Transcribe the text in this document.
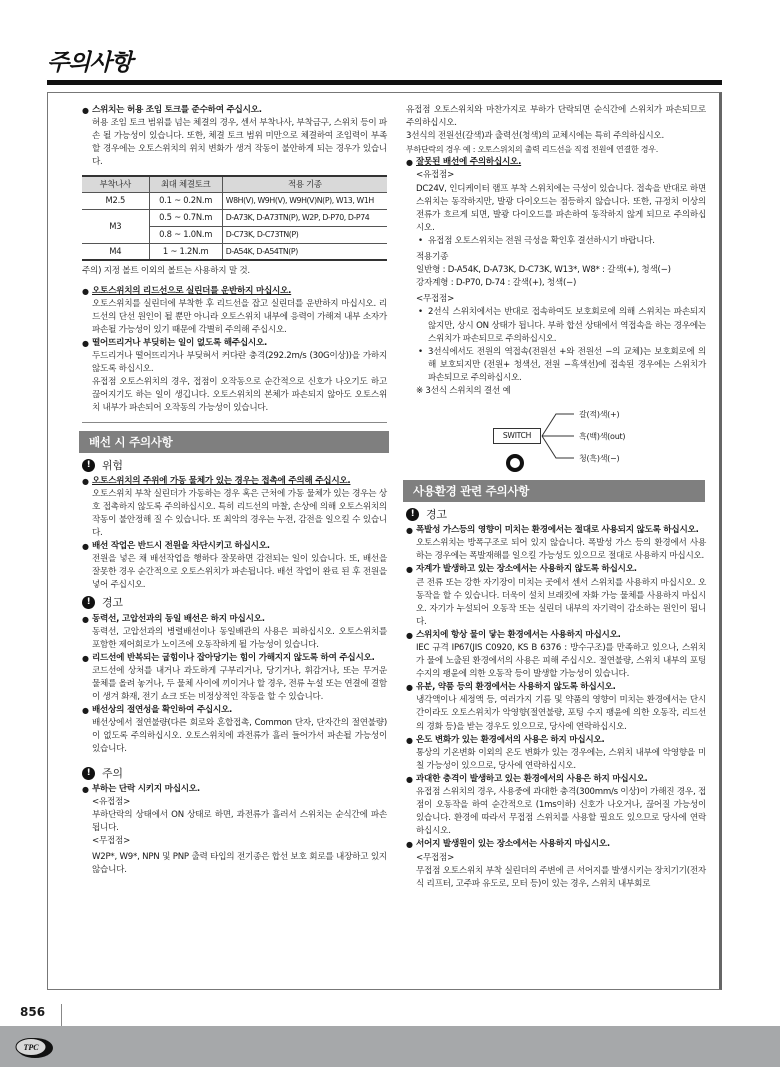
주의사항
● 스위치는 허용 조임 토크를 준수하여 주십시오.
허용 조임 토크 범위를 넘는 체결의 경우, 센서 부착나사, 부착금구, 스위치 등이 파손 될 가능성이 있습니다. 또한, 체결 토크 범위 미만으로 체결하여 조임력이 부족할 경우에는 오토스위치의 위치 변화가 생겨 작동이 불안하게 되는 경우가 있습니다.
부착나사	최대 체결토크	적용 기종
M2.5	0.1 ~ 0.2N.m	W8H(V), W9H(V), W9H(V)N(P), W13, W1H
M3	0.5 ~ 0.7N.m	D-A73K, D-A73TN(P), W2P, D-P70, D-P74
	0.8 ~ 1.0N.m	D-C73K, D-C73TN(P)
M4	1 ~ 1.2N.m	D-A54K, D-A54TN(P)
주의) 지정 볼트 이외의 볼트는 사용하지 말 것.
● 오토스위치의 리드선으로 실린더를 운반하지 마십시오.
오토스위치를 실린더에 부착한 후 리드선을 잡고 실린더를 운반하지 마십시오. 리드선의 단선 원인이 될 뿐만 아니라 오토스위치 내부에 응력이 가해져 내부 소자가 파손될 가능성이 있기 때문에 각별히 주의해 주십시오.
● 떨어뜨리거나 부딪히는 일이 없도록 해주십시오.
두드리거나 떨어뜨리거나 부딪혀서 커다란 충격(292.2m/s (30G이상))을 가하지 않도록 하십시오.
유접점 오토스위치의 경우, 접점이 오작동으로 순간적으로 신호가 나오기도 하고 끊어지기도 하는 일이 생깁니다. 오토스위치의 본체가 파손되지 않아도 오토스위치 내부가 파손되어 오작동의 가능성이 있습니다.
배선 시 주의사항
!	위험
● 오토스위치의 주위에 가동 물체가 있는 경우는 접촉에 주의해 주십시오.
오토스위치 부착 실린더가 가동하는 경우 혹은 근처에 가동 물체가 있는 경우는 상호 접촉하지 않도록 주의하십시오. 특히 리드선의 마찰, 손상에 의해 오토스위치의 작동이 불안정해 질 수 있습니다. 또 최악의 경우는 누전, 감전을 일으킬 수 있습니다.
● 배선 작업은 반드시 전원을 차단시키고 하십시오.
전원을 넣은 채 배선작업을 행하다 잘못하면 감전되는 일이 있습니다. 또, 배선을 잘못한 경우 순간적으로 오토스위치가 파손됩니다. 배선 작업이 완료 된 후 전원을 넣어 주십시오.
!	경고
● 동력선, 고압선과의 동일 배선은 하지 마십시오.
동력선, 고압선과의 병렬배선이나 동일배관의 사용은 피하십시오. 오토스위치를 포함한 제어회로가 노이즈에 오동작하게 될 가능성이 있습니다.
● 리드선에 반복되는 굽힘이나 잡아당기는 힘이 가해지지 않도록 하여 주십시오.
코드선에 상처를 내거나 과도하게 구부리거나, 당기거나, 휘감거나, 또는 무거운 물체를 올려 놓거나, 두 물체 사이에 끼이거나 할 경우, 전류 누설 또는 연결에 결함이 생겨 화재, 전기 쇼크 또는 비정상적인 작동을 할 수 있습니다.
● 배선상의 절연성을 확인하여 주십시오.
배선상에서 절연불량(다른 회로와 혼합접촉, Common 단자, 단자간의 절연불량)이 없도록 주의하십시오. 오토스위치에 과전류가 흘러 들어가서 파손될 가능성이 있습니다.
!	주의
● 부하는 단락 시키지 마십시오.
<유접점>
부하단락의 상태에서 ON 상태로 하면, 과전류가 흘러서 스위치는 순식간에 파손됩니다.
<무접점>
W2P*, W9*, NPN 및 PNP 출력 타입의 전기종은 합선 보호 회로를 내장하고 있지 않습니다.
유접점 오토스위치와 마찬가지로 부하가 단락되면 순식간에 스위치가 파손되므로 주의하십시오.
3선식의 전원선(갈색)과 출력선(청색)의 교체시에는 특히 주의하십시오.
부하단락의 경우 예 : 오토스위치의 출력 리드선을 직접 전원에 연결한 경우.
● 잘못된 배선에 주의하십시오.
<유접점>
DC24V, 인디케이터 램프 부착 스위치에는 극성이 있습니다. 접속을 반대로 하면 스위치는 동작하지만, 발광 다이오드는 점등하지 않습니다. 또한, 규정치 이상의 전류가 흐르게 되면, 발광 다이오드를 파손하여 동작하지 않게 되므로 주의하십시오.
• 유접점 오토스위치는 전원 극성을 확인후 결선하시기 바랍니다.
적용기종
일반형 : D-A54K, D-A73K, D-C73K, W13*, W8* : 갈색(+), 청색(−)
강자계형 : D-P70, D-74 : 갈색(+), 청색(−)
<무접점>
• 2선식 스위치에서는 반대로 접속하여도 보호회로에 의해 스위치는 파손되지 않지만, 상시 ON 상태가 됩니다. 부하 합선 상태에서 역접속을 하는 경우에는 스위치가 파손되므로 주의하십시오.
• 3선식에서도 전원의 역접속(전원선 +와 전원선 −의 교체)는 보호회로에 의해 보호되지만 (전원+ 청색선, 전원 −흑색선)에 접속된 경우에는 스위치가 파손되므로 주의하십시오.
※ 3선식 스위치의 결선 예
SWITCH
갈(적)색(+)
흑(백)색(out)
청(흑)색(−)
사용환경 관련 주의사항
!	경고
● 폭발성 가스등의 영향이 미치는 환경에서는 절대로 사용되지 않도록 하십시오.
오토스위치는 방폭구조로 되어 있지 않습니다. 폭발성 가스 등의 환경에서 사용하는 경우에는 폭발재해를 일으킬 가능성도 있으므로 절대로 사용하지 마십시오.
● 자계가 발생하고 있는 장소에서는 사용하지 않도록 하십시오.
큰 전류 또는 강한 자기장이 미치는 곳에서 센서 스위치를 사용하지 마십시오. 오동작을 할 수 있습니다. 더욱이 설치 브래킷에 자화 가능 물체를 사용하지 마십시오. 자기가 누설되어 오동작 또는 실린더 내부의 자기력이 감소하는 원인이 됩니다.
● 스위치에 항상 물이 닿는 환경에서는 사용하지 마십시오.
IEC 규격 IP67(JIS C0920, KS B 6376 : 방수구조)를 만족하고 있으나, 스위치가 물에 노출된 환경에서의 사용은 피해 주십시오. 절연불량, 스위치 내부의 포팅 수지의 팽윤에 의한 오동작 등이 발생할 가능성이 있습니다.
● 유분, 약품 등의 환경에서는 사용하지 않도록 하십시오.
냉각액이나 세정액 등, 여러가지 기름 및 약품의 영향이 미치는 환경에서는 단시간이라도 오토스위치가 악영향(절연불량, 포팅 수지 팽윤에 의한 오동작, 리드선의 경화 등)을 받는 경우도 있으므로, 당사에 연락하십시오.
● 온도 변화가 있는 환경에서의 사용은 하지 마십시오.
통상의 기온변화 이외의 온도 변화가 있는 경우에는, 스위치 내부에 악영향을 미칠 가능성이 있으므로, 당사에 연락하십시오.
● 과대한 충격이 발생하고 있는 환경에서의 사용은 하지 마십시오.
유접점 스위치의 경우, 사용중에 과대한 충격(300mm/s 이상)이 가해진 경우, 접점이 오동작을 하여 순간적으로 (1ms이하) 신호가 나오거나, 끊어질 가능성이 있습니다. 환경에 따라서 무접점 스위치를 사용할 필요도 있으므로 당사에 연락하십시오.
● 서어지 발생원이 있는 장소에서는 사용하지 마십시오.
<무접점>
무접점 오토스위치 부착 실린더의 주변에 큰 서어지를 발생시키는 장치기기(전자식 리프터, 고주파 유도로, 모터 등)이 있는 경우, 스위치 내부회로
856
TPC
